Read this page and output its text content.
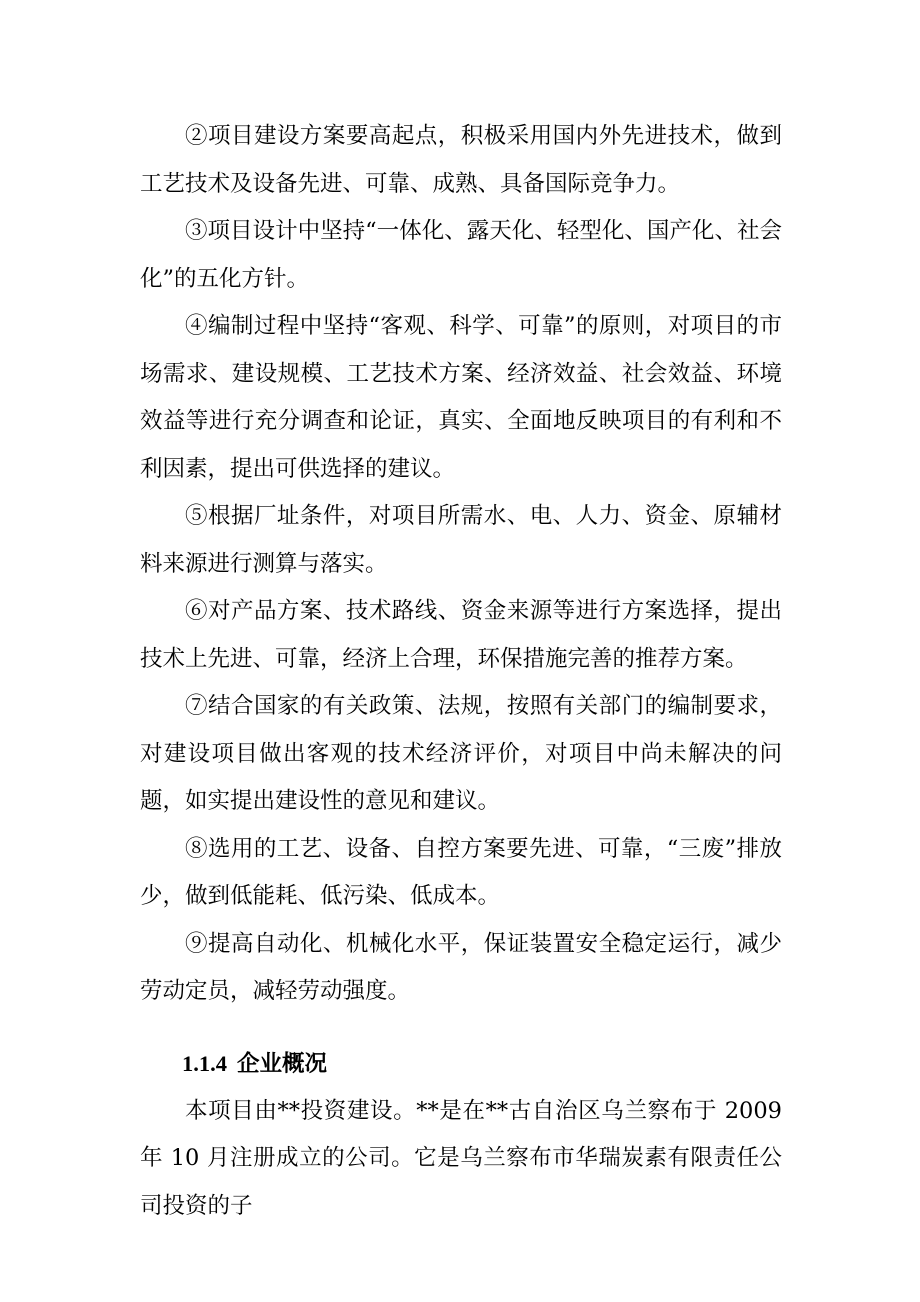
②项目建设方案要高起点，积极采用国内外先进技术，做到工艺技术及设备先进、可靠、成熟、具备国际竞争力。

③项目设计中坚持“一体化、露天化、轻型化、国产化、社会化”的五化方针。

④编制过程中坚持“客观、科学、可靠”的原则，对项目的市场需求、建设规模、工艺技术方案、经济效益、社会效益、环境效益等进行充分调查和论证，真实、全面地反映项目的有利和不利因素，提出可供选择的建议。

⑤根据厂址条件，对项目所需水、电、人力、资金、原辅材料来源进行测算与落实。

⑥对产品方案、技术路线、资金来源等进行方案选择，提出技术上先进、可靠，经济上合理，环保措施完善的推荐方案。

⑦结合国家的有关政策、法规，按照有关部门的编制要求，对建设项目做出客观的技术经济评价，对项目中尚未解决的问题，如实提出建设性的意见和建议。

⑧选用的工艺、设备、自控方案要先进、可靠，“三废”排放少，做到低能耗、低污染、低成本。

⑨提高自动化、机械化水平，保证装置安全稳定运行，减少劳动定员，减轻劳动强度。

1.1.4 企业概况

本项目由**投资建设。**是在**古自治区乌兰察布于 2009 年 10 月注册成立的公司。它是乌兰察布市华瑞炭素有限责任公司投资的子
